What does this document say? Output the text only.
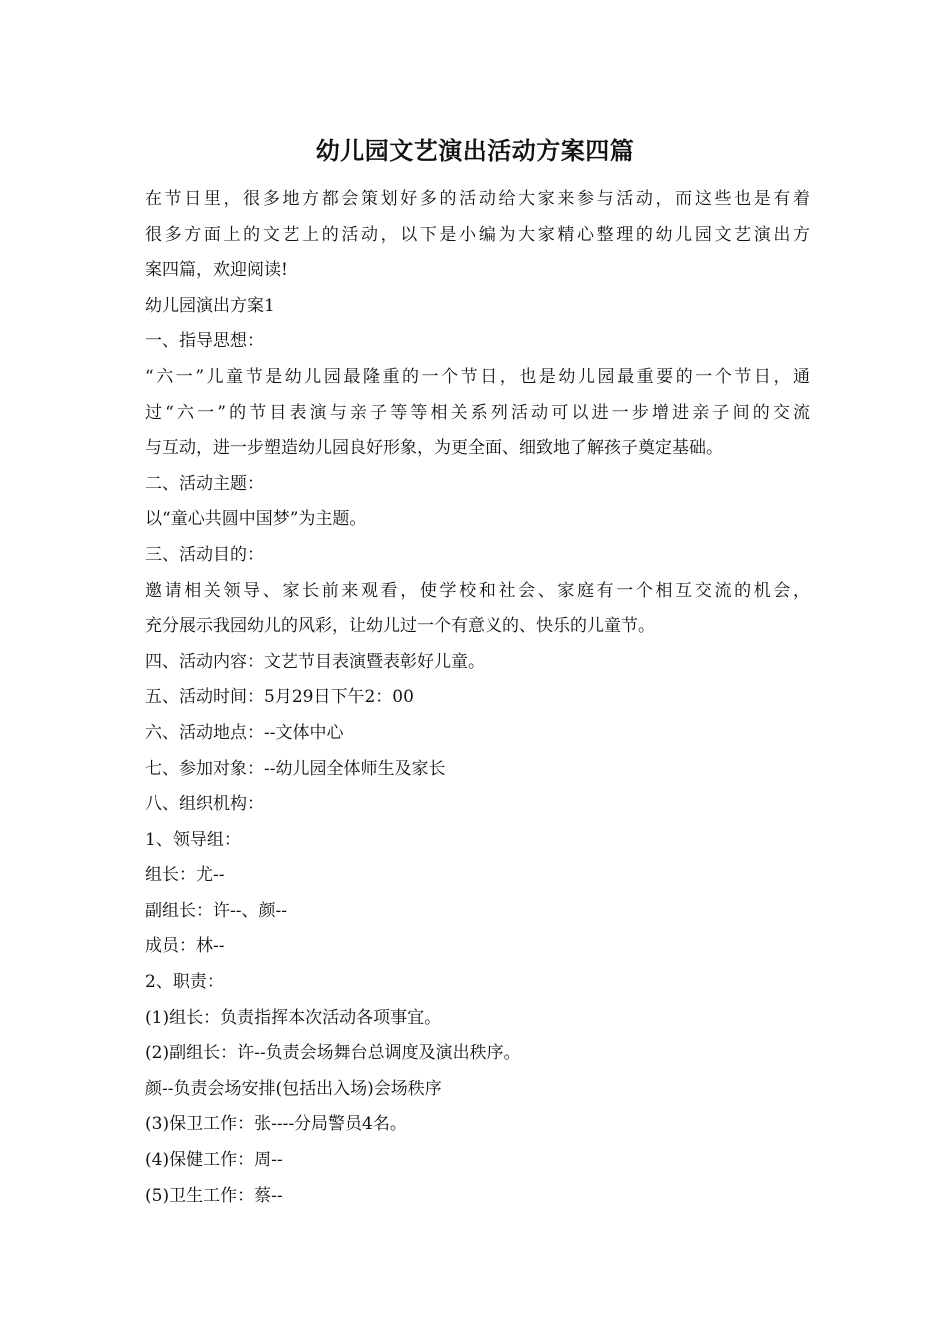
幼儿园文艺演出活动方案四篇

在节日里，很多地方都会策划好多的活动给大家来参与活动，而这些也是有着

很多方面上的文艺上的活动，以下是小编为大家精心整理的幼儿园文艺演出方

案四篇，欢迎阅读!

幼儿园演出方案1

一、指导思想：

“六一”儿童节是幼儿园最隆重的一个节日，也是幼儿园最重要的一个节日，通

过“六一”的节目表演与亲子等等相关系列活动可以进一步增进亲子间的交流

与互动，进一步塑造幼儿园良好形象，为更全面、细致地了解孩子奠定基础。

二、活动主题：

以“童心共圆中国梦”为主题。

三、活动目的：

邀请相关领导、家长前来观看，使学校和社会、家庭有一个相互交流的机会，

充分展示我园幼儿的风彩，让幼儿过一个有意义的、快乐的儿童节。

四、活动内容：文艺节目表演暨表彰好儿童。

五、活动时间：5月29日下午2：00

六、活动地点：--文体中心

七、参加对象：--幼儿园全体师生及家长

八、组织机构：

1、领导组：

组长：尤--

副组长：许--、颜--

成员：林--

2、职责：

(1)组长：负责指挥本次活动各项事宜。

(2)副组长：许--负责会场舞台总调度及演出秩序。

颜--负责会场安排(包括出入场)会场秩序

(3)保卫工作：张----分局警员4名。

(4)保健工作：周--

(5)卫生工作：蔡--
